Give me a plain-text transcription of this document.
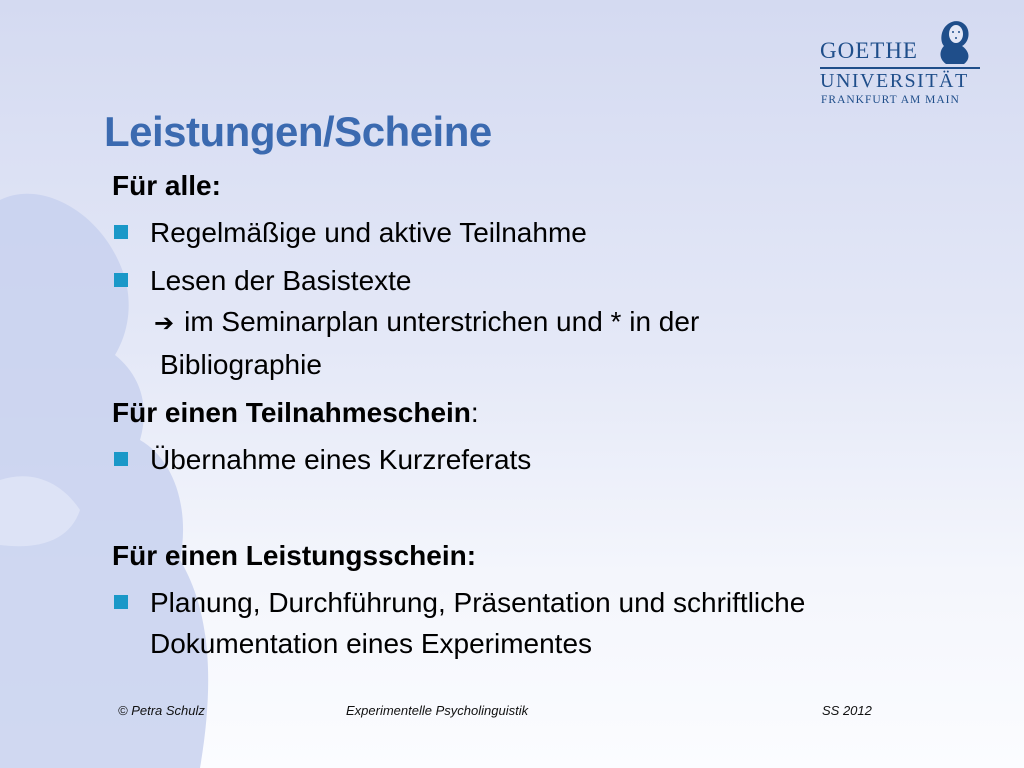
GOETHE
UNIVERSITÄT
FRANKFURT AM MAIN
Leistungen/Scheine
Für alle:
Regelmäßige und aktive Teilnahme
Lesen der Basistexte
➔ im Seminarplan unterstrichen und * in der
Bibliographie
Für einen Teilnahmeschein:
Übernahme eines Kurzreferats
Für einen Leistungsschein:
Planung, Durchführung, Präsentation und schriftliche
Dokumentation eines Experimentes
© Petra Schulz	Experimentelle Psycholinguistik	SS 2012
